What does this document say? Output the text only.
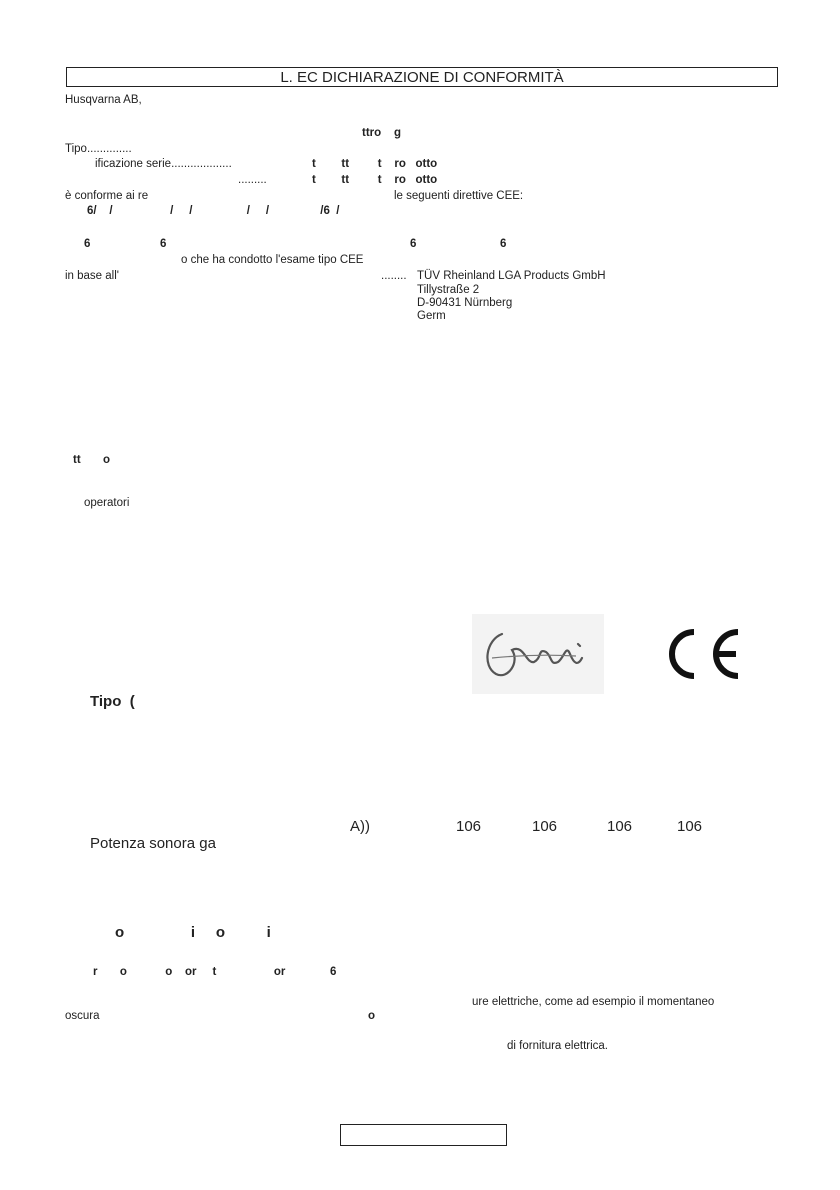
L. EC DICHIARAZIONE DI CONFORMITÀ
Husqvarna AB,
ttro    g
Tipo..............
ificazione serie...................	t        tt         t    ro   otto
.........	t        tt         t    ro   otto
è conforme ai re	le seguenti direttive CEE:
6/    /                  /     /                 /     /                /6  /
6	6	6	6
o che ha condotto l'esame tipo CEE
in base all'	........ TÜV Rheinland LGA Products GmbH
Tillystraße 2
D-90431 Nürnberg
Germ
tt       o
operatori
Tipo  (
A))	106	106	106	106
Potenza sonora ga
o                i     o          i
r       o            o    or     t                  or              6
ure elettriche, come ad esempio il momentaneo
oscura	o
di fornitura elettrica.
